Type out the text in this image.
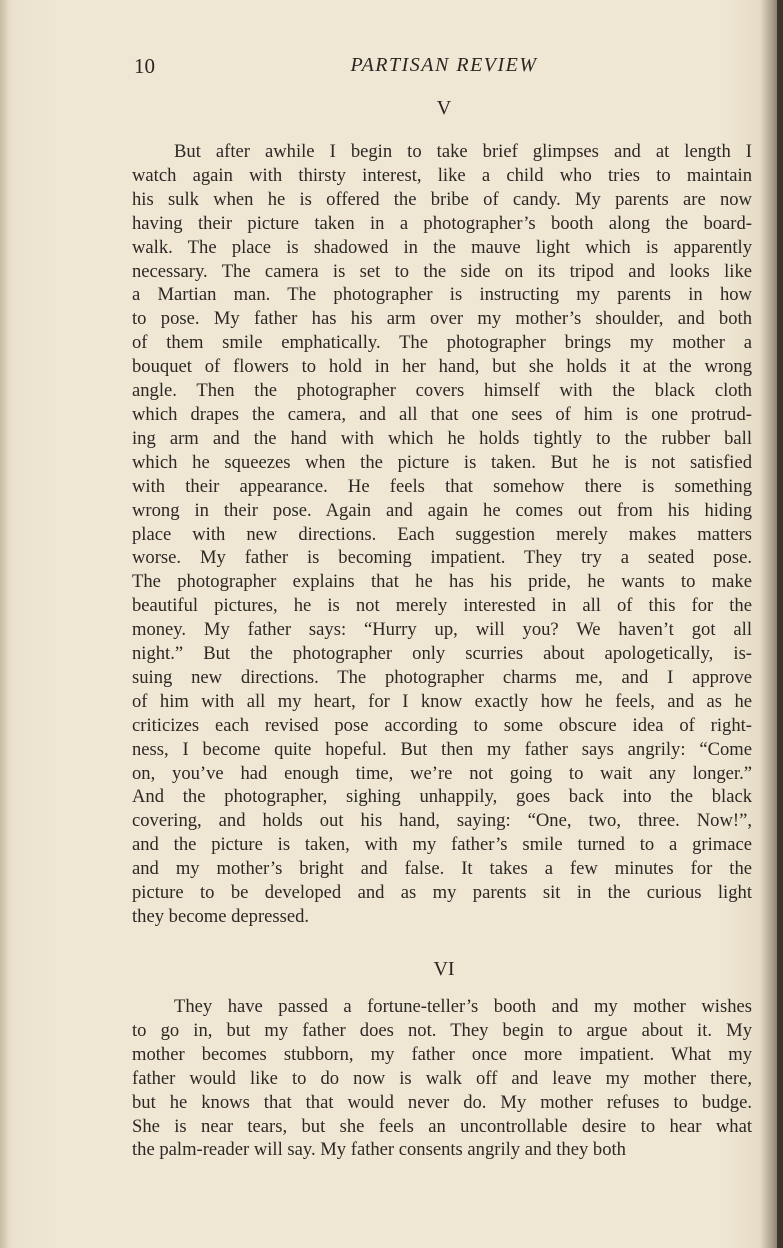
10	PARTISAN REVIEW
V
But after awhile I begin to take brief glimpses and at length I
watch again with thirsty interest, like a child who tries to maintain
his sulk when he is offered the bribe of candy. My parents are now
having their picture taken in a photographer’s booth along the board-
walk. The place is shadowed in the mauve light which is apparently
necessary. The camera is set to the side on its tripod and looks like
a Martian man. The photographer is instructing my parents in how
to pose. My father has his arm over my mother’s shoulder, and both
of them smile emphatically. The photographer brings my mother a
bouquet of flowers to hold in her hand, but she holds it at the wrong
angle. Then the photographer covers himself with the black cloth
which drapes the camera, and all that one sees of him is one protrud-
ing arm and the hand with which he holds tightly to the rubber ball
which he squeezes when the picture is taken. But he is not satisfied
with their appearance. He feels that somehow there is something
wrong in their pose. Again and again he comes out from his hiding
place with new directions. Each suggestion merely makes matters
worse. My father is becoming impatient. They try a seated pose.
The photographer explains that he has his pride, he wants to make
beautiful pictures, he is not merely interested in all of this for the
money. My father says: “Hurry up, will you? We haven’t got all
night.” But the photographer only scurries about apologetically, is-
suing new directions. The photographer charms me, and I approve
of him with all my heart, for I know exactly how he feels, and as he
criticizes each revised pose according to some obscure idea of right-
ness, I become quite hopeful. But then my father says angrily: “Come
on, you’ve had enough time, we’re not going to wait any longer.”
And the photographer, sighing unhappily, goes back into the black
covering, and holds out his hand, saying: “One, two, three. Now!”,
and the picture is taken, with my father’s smile turned to a grimace
and my mother’s bright and false. It takes a few minutes for the
picture to be developed and as my parents sit in the curious light
they become depressed.
VI
They have passed a fortune-teller’s booth and my mother wishes
to go in, but my father does not. They begin to argue about it. My
mother becomes stubborn, my father once more impatient. What my
father would like to do now is walk off and leave my mother there,
but he knows that that would never do. My mother refuses to budge.
She is near tears, but she feels an uncontrollable desire to hear what
the palm-reader will say. My father consents angrily and they both
